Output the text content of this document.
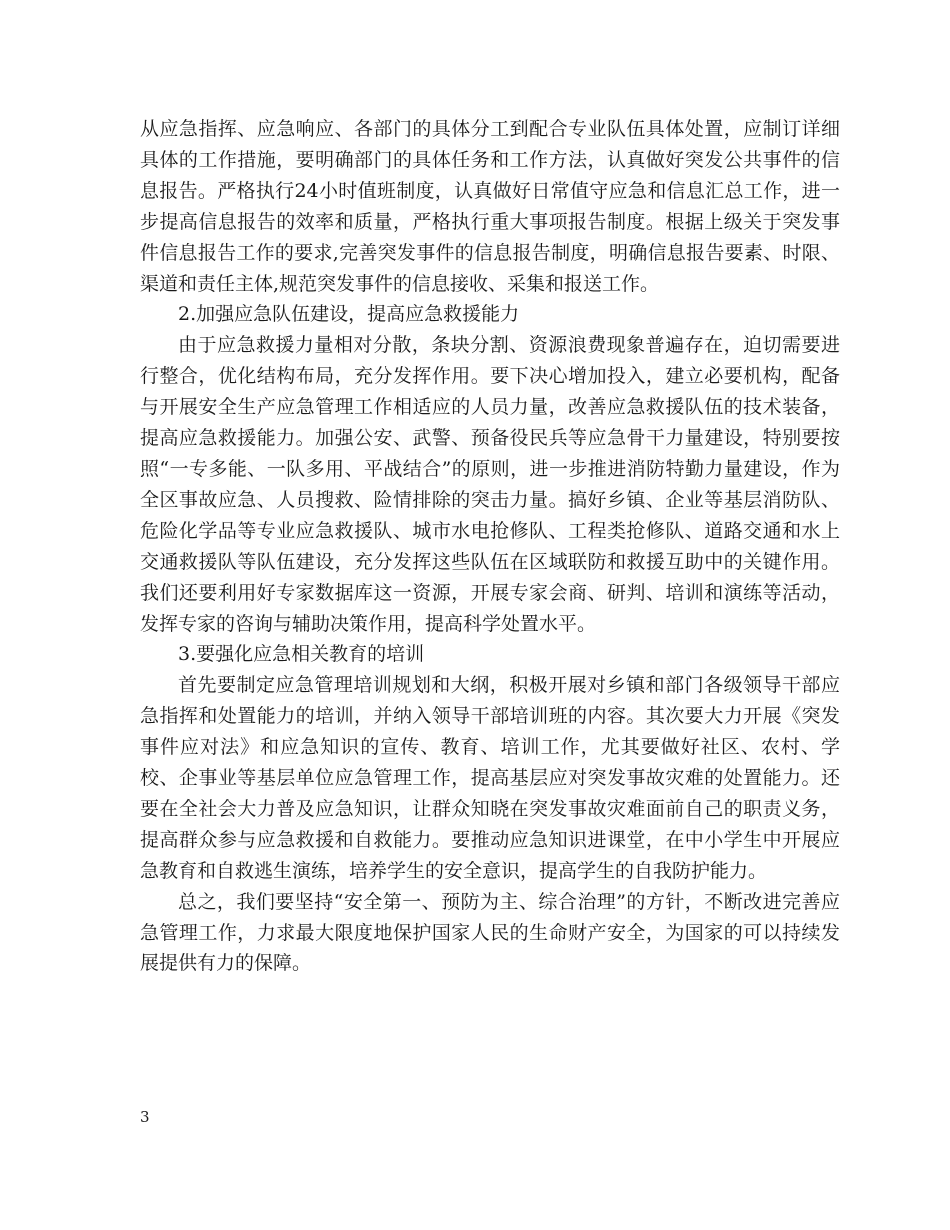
从应急指挥、应急响应、各部门的具体分工到配合专业队伍具体处置，应制订详细具体的工作措施，要明确部门的具体任务和工作方法，认真做好突发公共事件的信息报告。严格执行24小时值班制度，认真做好日常值守应急和信息汇总工作，进一步提高信息报告的效率和质量，严格执行重大事项报告制度。根据上级关于突发事件信息报告工作的要求,完善突发事件的信息报告制度，明确信息报告要素、时限、渠道和责任主体,规范突发事件的信息接收、采集和报送工作。

2.加强应急队伍建设，提高应急救援能力

由于应急救援力量相对分散，条块分割、资源浪费现象普遍存在，迫切需要进行整合，优化结构布局，充分发挥作用。要下决心增加投入，建立必要机构，配备与开展安全生产应急管理工作相适应的人员力量，改善应急救援队伍的技术装备，提高应急救援能力。加强公安、武警、预备役民兵等应急骨干力量建设，特别要按照“一专多能、一队多用、平战结合”的原则，进一步推进消防特勤力量建设，作为全区事故应急、人员搜救、险情排除的突击力量。搞好乡镇、企业等基层消防队、危险化学品等专业应急救援队、城市水电抢修队、工程类抢修队、道路交通和水上交通救援队等队伍建设，充分发挥这些队伍在区域联防和救援互助中的关键作用。我们还要利用好专家数据库这一资源，开展专家会商、研判、培训和演练等活动，发挥专家的咨询与辅助决策作用，提高科学处置水平。

3.要强化应急相关教育的培训

首先要制定应急管理培训规划和大纲，积极开展对乡镇和部门各级领导干部应急指挥和处置能力的培训，并纳入领导干部培训班的内容。其次要大力开展《突发事件应对法》和应急知识的宣传、教育、培训工作，尤其要做好社区、农村、学校、企事业等基层单位应急管理工作，提高基层应对突发事故灾难的处置能力。还要在全社会大力普及应急知识，让群众知晓在突发事故灾难面前自己的职责义务，提高群众参与应急救援和自救能力。要推动应急知识进课堂，在中小学生中开展应急教育和自救逃生演练，培养学生的安全意识，提高学生的自我防护能力。

总之，我们要坚持“安全第一、预防为主、综合治理”的方针，不断改进完善应急管理工作，力求最大限度地保护国家人民的生命财产安全，为国家的可以持续发展提供有力的保障。

3
